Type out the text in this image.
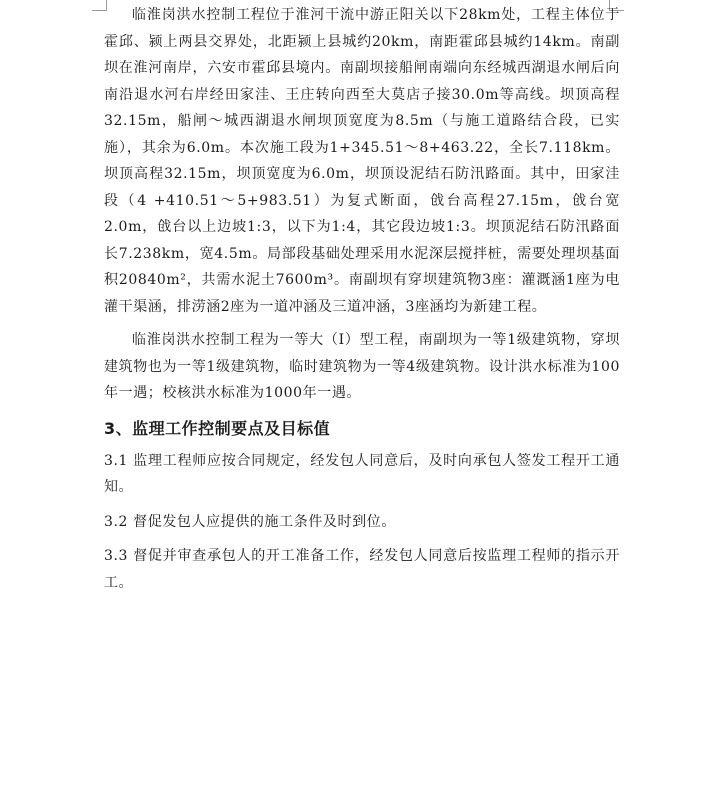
临淮岗洪水控制工程位于淮河干流中游正阳关以下28km处，工程主体位于霍邱、颍上两县交界处，北距颍上县城约20km，南距霍邱县城约14km。南副坝在淮河南岸，六安市霍邱县境内。南副坝接船闸南端向东经城西湖退水闸后向南沿退水河右岸经田家洼、王庄转向西至大莫店子接30.0m等高线。坝顶高程32.15m，船闸～城西湖退水闸坝顶宽度为8.5m（与施工道路结合段，已实施），其余为6.0m。本次施工段为1+345.51～8+463.22，全长7.118km。坝顶高程32.15m，坝顶宽度为6.0m，坝顶设泥结石防汛路面。其中，田家洼段（4 +410.51～5+983.51）为复式断面，戗台高程27.15m，戗台宽2.0m，戗台以上边坡1:3，以下为1:4，其它段边坡1:3。坝顶泥结石防汛路面长7.238km，宽4.5m。局部段基础处理采用水泥深层搅拌桩，需要处理坝基面积20840m²，共需水泥土7600m³。南副坝有穿坝建筑物3座：灌溉涵1座为电灌干渠涵，排涝涵2座为一道冲涵及三道冲涵，3座涵均为新建工程。

临淮岗洪水控制工程为一等大（Ⅰ）型工程，南副坝为一等1级建筑物，穿坝建筑物也为一等1级建筑物，临时建筑物为一等4级建筑物。设计洪水标准为100年一遇；校核洪水标准为1000年一遇。

3、监理工作控制要点及目标值

3.1 监理工程师应按合同规定，经发包人同意后，及时向承包人签发工程开工通知。

3.2 督促发包人应提供的施工条件及时到位。

3.3 督促并审查承包人的开工准备工作，经发包人同意后按监理工程师的指示开工。
